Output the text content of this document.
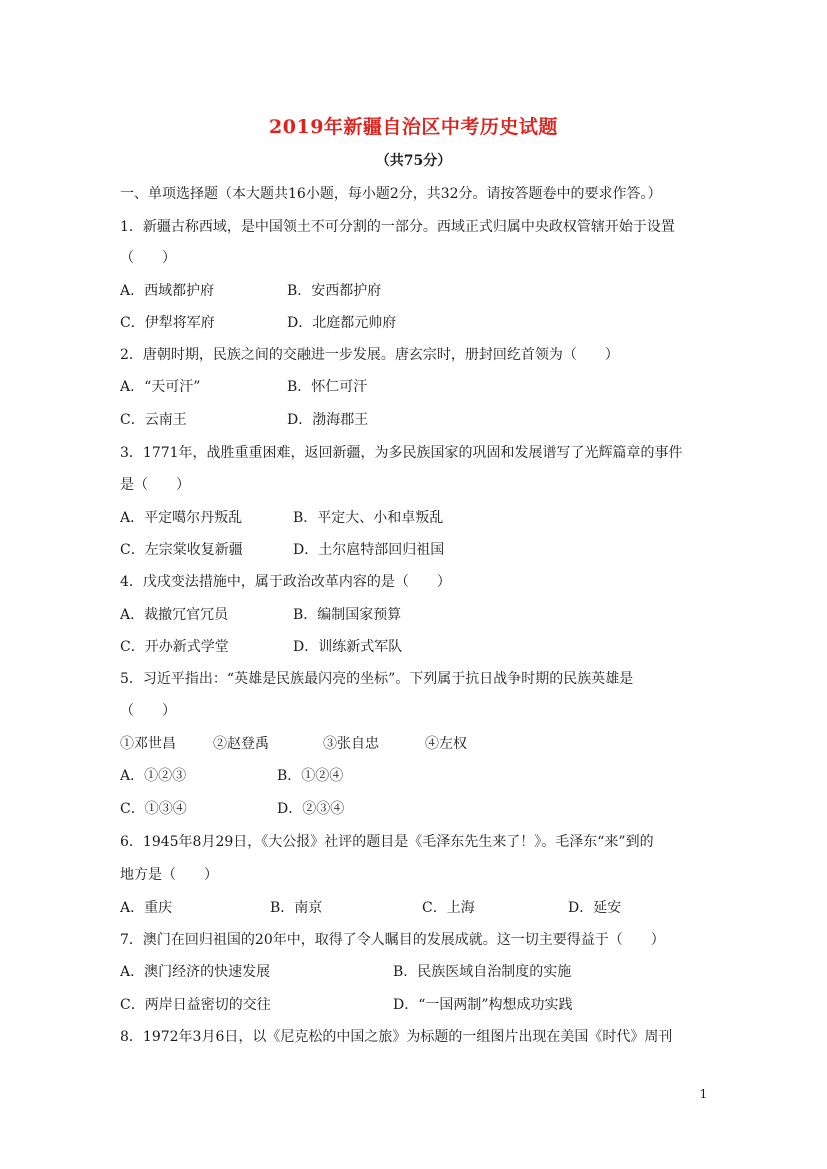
2019年新疆自治区中考历史试题
（共75分）
一、单项选择题（本大题共16小题，每小题2分，共32分。请按答题卷中的要求作答。）
1．新疆古称西域，是中国领土不可分割的一部分。西域正式归属中央政权管辖开始于设置
（　　）
A．西域都护府	B．安西都护府
C．伊犁将军府	D．北庭都元帅府
2．唐朝时期，民族之间的交融进一步发展。唐玄宗时，册封回纥首领为（　　）
A．“天可汗”	B．怀仁可汗
C．云南王	D．渤海郡王
3．1771年，战胜重重困难，返回新疆，为多民族国家的巩固和发展谱写了光辉篇章的事件
是（　　）
A．平定噶尔丹叛乱	B．平定大、小和卓叛乱
C．左宗棠收复新疆	D．土尔扈特部回归祖国
4．戊戌变法措施中，属于政治改革内容的是（　　）
A．裁撤冗官冗员	B．编制国家预算
C．开办新式学堂	D．训练新式军队
5．习近平指出：“英雄是民族最闪亮的坐标”。下列属于抗日战争时期的民族英雄是
（　　）
①邓世昌	②赵登禹	③张自忠	④左权
A．①②③	B．①②④
C．①③④	D．②③④
6．1945年8月29日，《大公报》社评的题目是《毛泽东先生来了！》。毛泽东“来”到的
地方是（　　）
A．重庆	B．南京	C．上海	D．延安
7．澳门在回归祖国的20年中，取得了令人瞩目的发展成就。这一切主要得益于（　　）
A．澳门经济的快速发展	B．民族医域自治制度的实施
C．两岸日益密切的交往	D．“一国两制”构想成功实践
8．1972年3月6日，以《尼克松的中国之旅》为标题的一组图片出现在美国《时代》周刊
1
